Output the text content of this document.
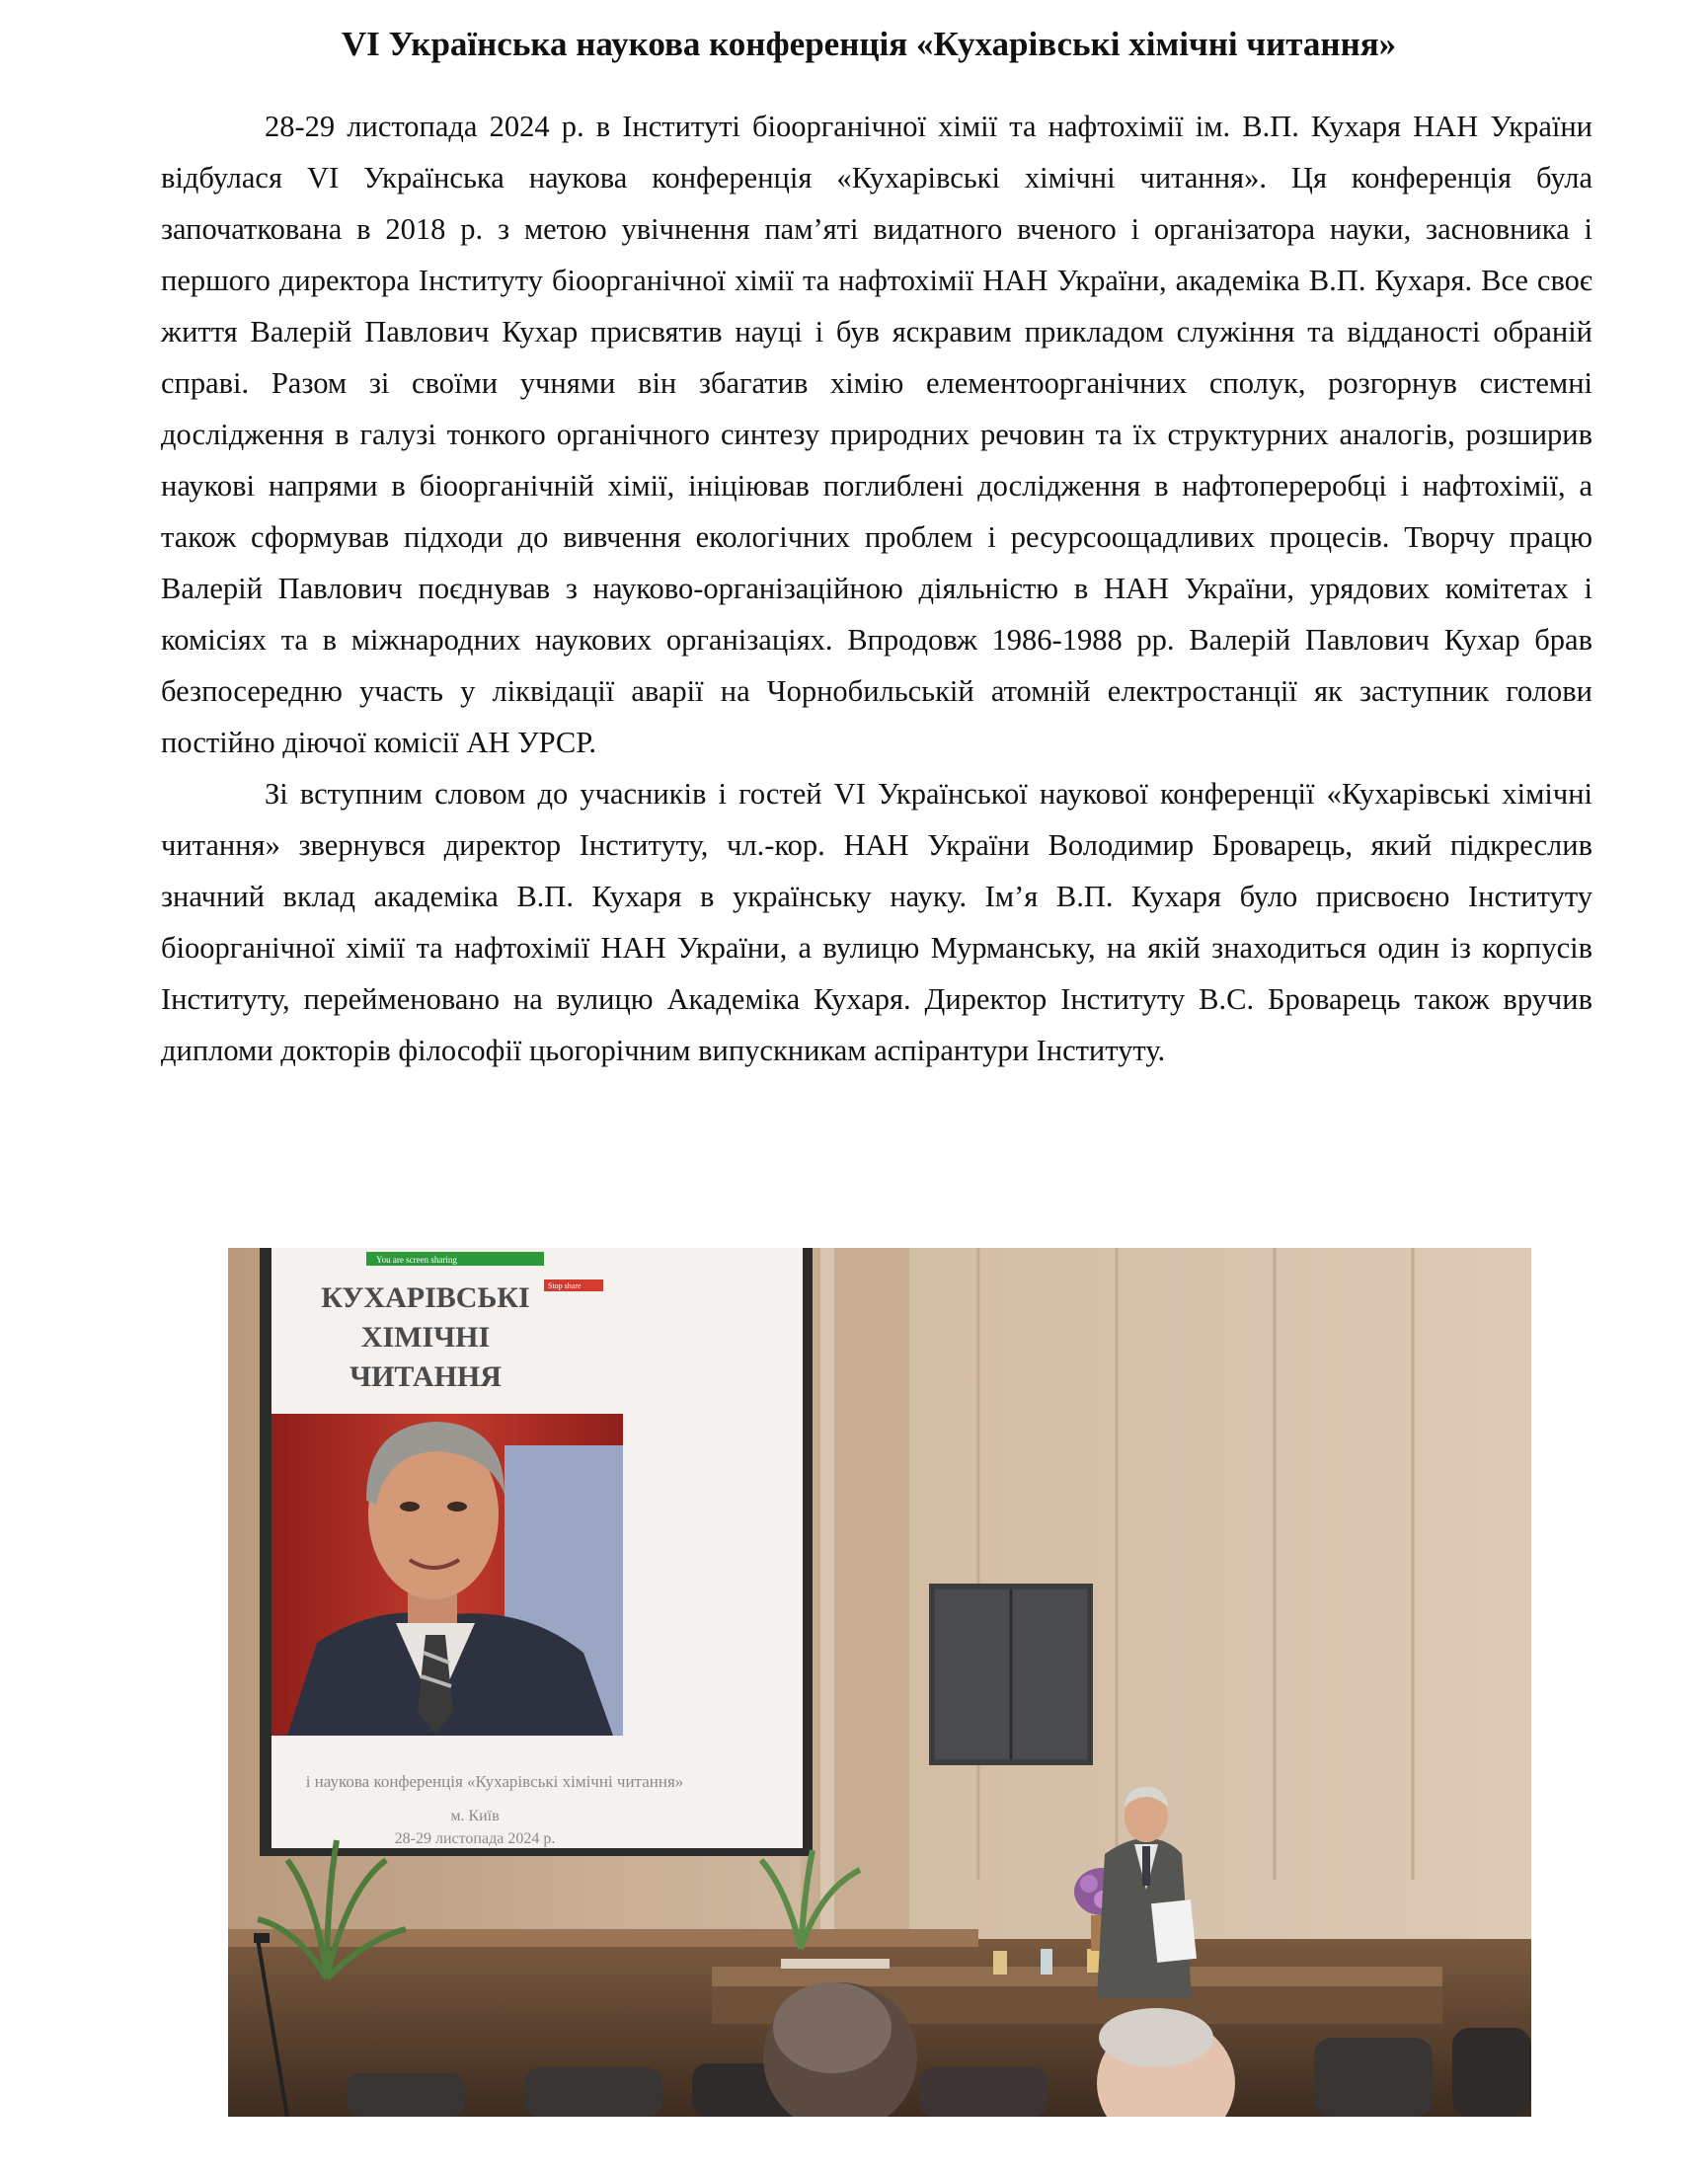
VI Українська наукова конференція «Кухарівські хімічні читання»

28-29 листопада 2024 р. в Інституті біоорганічної хімії та нафтохімії ім. В.П. Кухаря НАН України відбулася VI Українська наукова конференція «Кухарівські хімічні читання». Ця конференція була започаткована в 2018 р. з метою увічнення пам’яті видатного вченого і організатора науки, засновника і першого директора Інституту біоорганічної хімії та нафтохімії НАН України, академіка В.П. Кухаря. Все своє життя Валерій Павлович Кухар присвятив науці і був яскравим прикладом служіння та відданості обраній справі. Разом зі своїми учнями він збагатив хімію елементоорганічних сполук, розгорнув системні дослідження в галузі тонкого органічного синтезу природних речовин та їх структурних аналогів, розширив наукові напрями в біоорганічній хімії, ініціював поглиблені дослідження в нафтопереробці і нафтохімії, а також сформував підходи до вивчення екологічних проблем і ресурсоощадливих процесів. Творчу працю Валерій Павлович поєднував з науково-організаційною діяльністю в НАН України, урядових комітетах і комісіях та в міжнародних наукових організаціях. Впродовж 1986-1988 рр. Валерій Павлович Кухар брав безпосередню участь у ліквідації аварії на Чорнобильській атомній електростанції як заступник голови постійно діючої комісії АН УРСР.

Зі вступним словом до учасників і гостей VI Української наукової конференції «Кухарівські хімічні читання» звернувся директор Інституту, чл.-кор. НАН України Володимир Броварець, який підкреслив значний вклад академіка В.П. Кухаря в українську науку. Ім’я В.П. Кухаря було присвоєно Інституту біоорганічної хімії та нафтохімії НАН України, а вулицю Мурманську, на якій знаходиться один із корпусів Інституту, перейменовано на вулицю Академіка Кухаря. Директор Інституту В.С. Броварець також вручив дипломи докторів філософії цьогорічним випускникам аспірантури Інституту.

You are screen sharing
Stop share
КУХАРІВСЬКІ
ХІМІЧНІ
ЧИТАННЯ
і наукова конференція «Кухарівські хімічні читання»
м. Київ
28-29 листопада 2024 р.
